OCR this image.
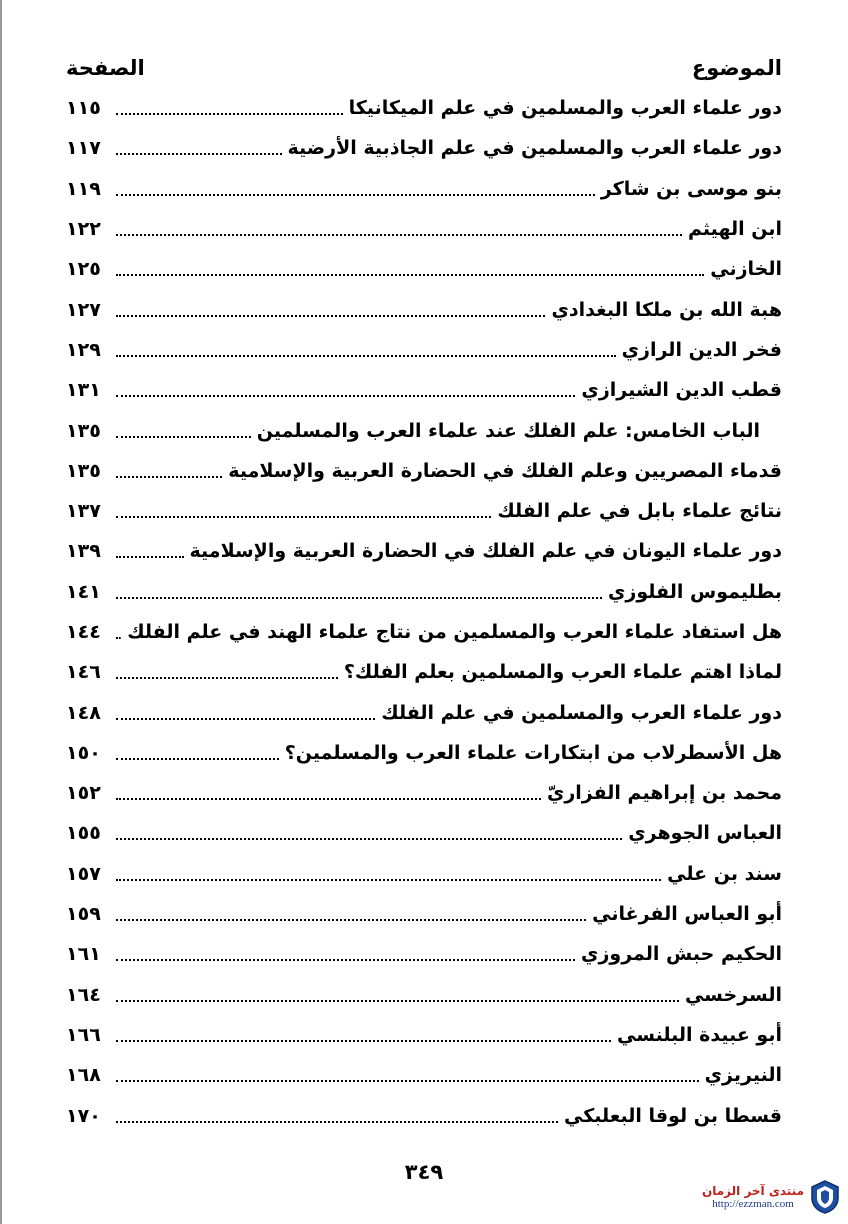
الموضوع
الصفحة
دور علماء العرب والمسلمين في علم الميكانيكا
١١٥
دور علماء العرب والمسلمين في علم الجاذبية الأرضية
١١٧
بنو موسى بن شاكر
١١٩
ابن الهيثم
١٢٢
الخازني
١٢٥
هبة الله بن ملكا البغدادي
١٢٧
فخر الدين الرازي
١٢٩
قطب الدين الشيرازي
١٣١
الباب الخامس: علم الفلك عند علماء العرب والمسلمين
١٣٥
قدماء المصريين وعلم الفلك في الحضارة العربية والإسلامية
١٣٥
نتائج علماء بابل في علم الفلك
١٣٧
دور علماء اليونان في علم الفلك في الحضارة العربية والإسلامية
١٣٩
بطليموس الفلوزي
١٤١
هل استفاد علماء العرب والمسلمين من نتاج علماء الهند في علم الفلك
١٤٤
لماذا اهتم علماء العرب والمسلمين بعلم الفلك؟
١٤٦
دور علماء العرب والمسلمين في علم الفلك
١٤٨
هل الأسطرلاب من ابتكارات علماء العرب والمسلمين؟
١٥٠
محمد بن إبراهيم الفزاريّ
١٥٢
العباس الجوهري
١٥٥
سند بن علي
١٥٧
أبو العباس الفرغاني
١٥٩
الحكيم حبش المروزي
١٦١
السرخسي
١٦٤
أبو عبيدة البلنسي
١٦٦
النيريزي
١٦٨
قسطا بن لوقا البعلبكي
١٧٠
٣٤٩
منتدى آخر الزمان
http://ezzman.com
